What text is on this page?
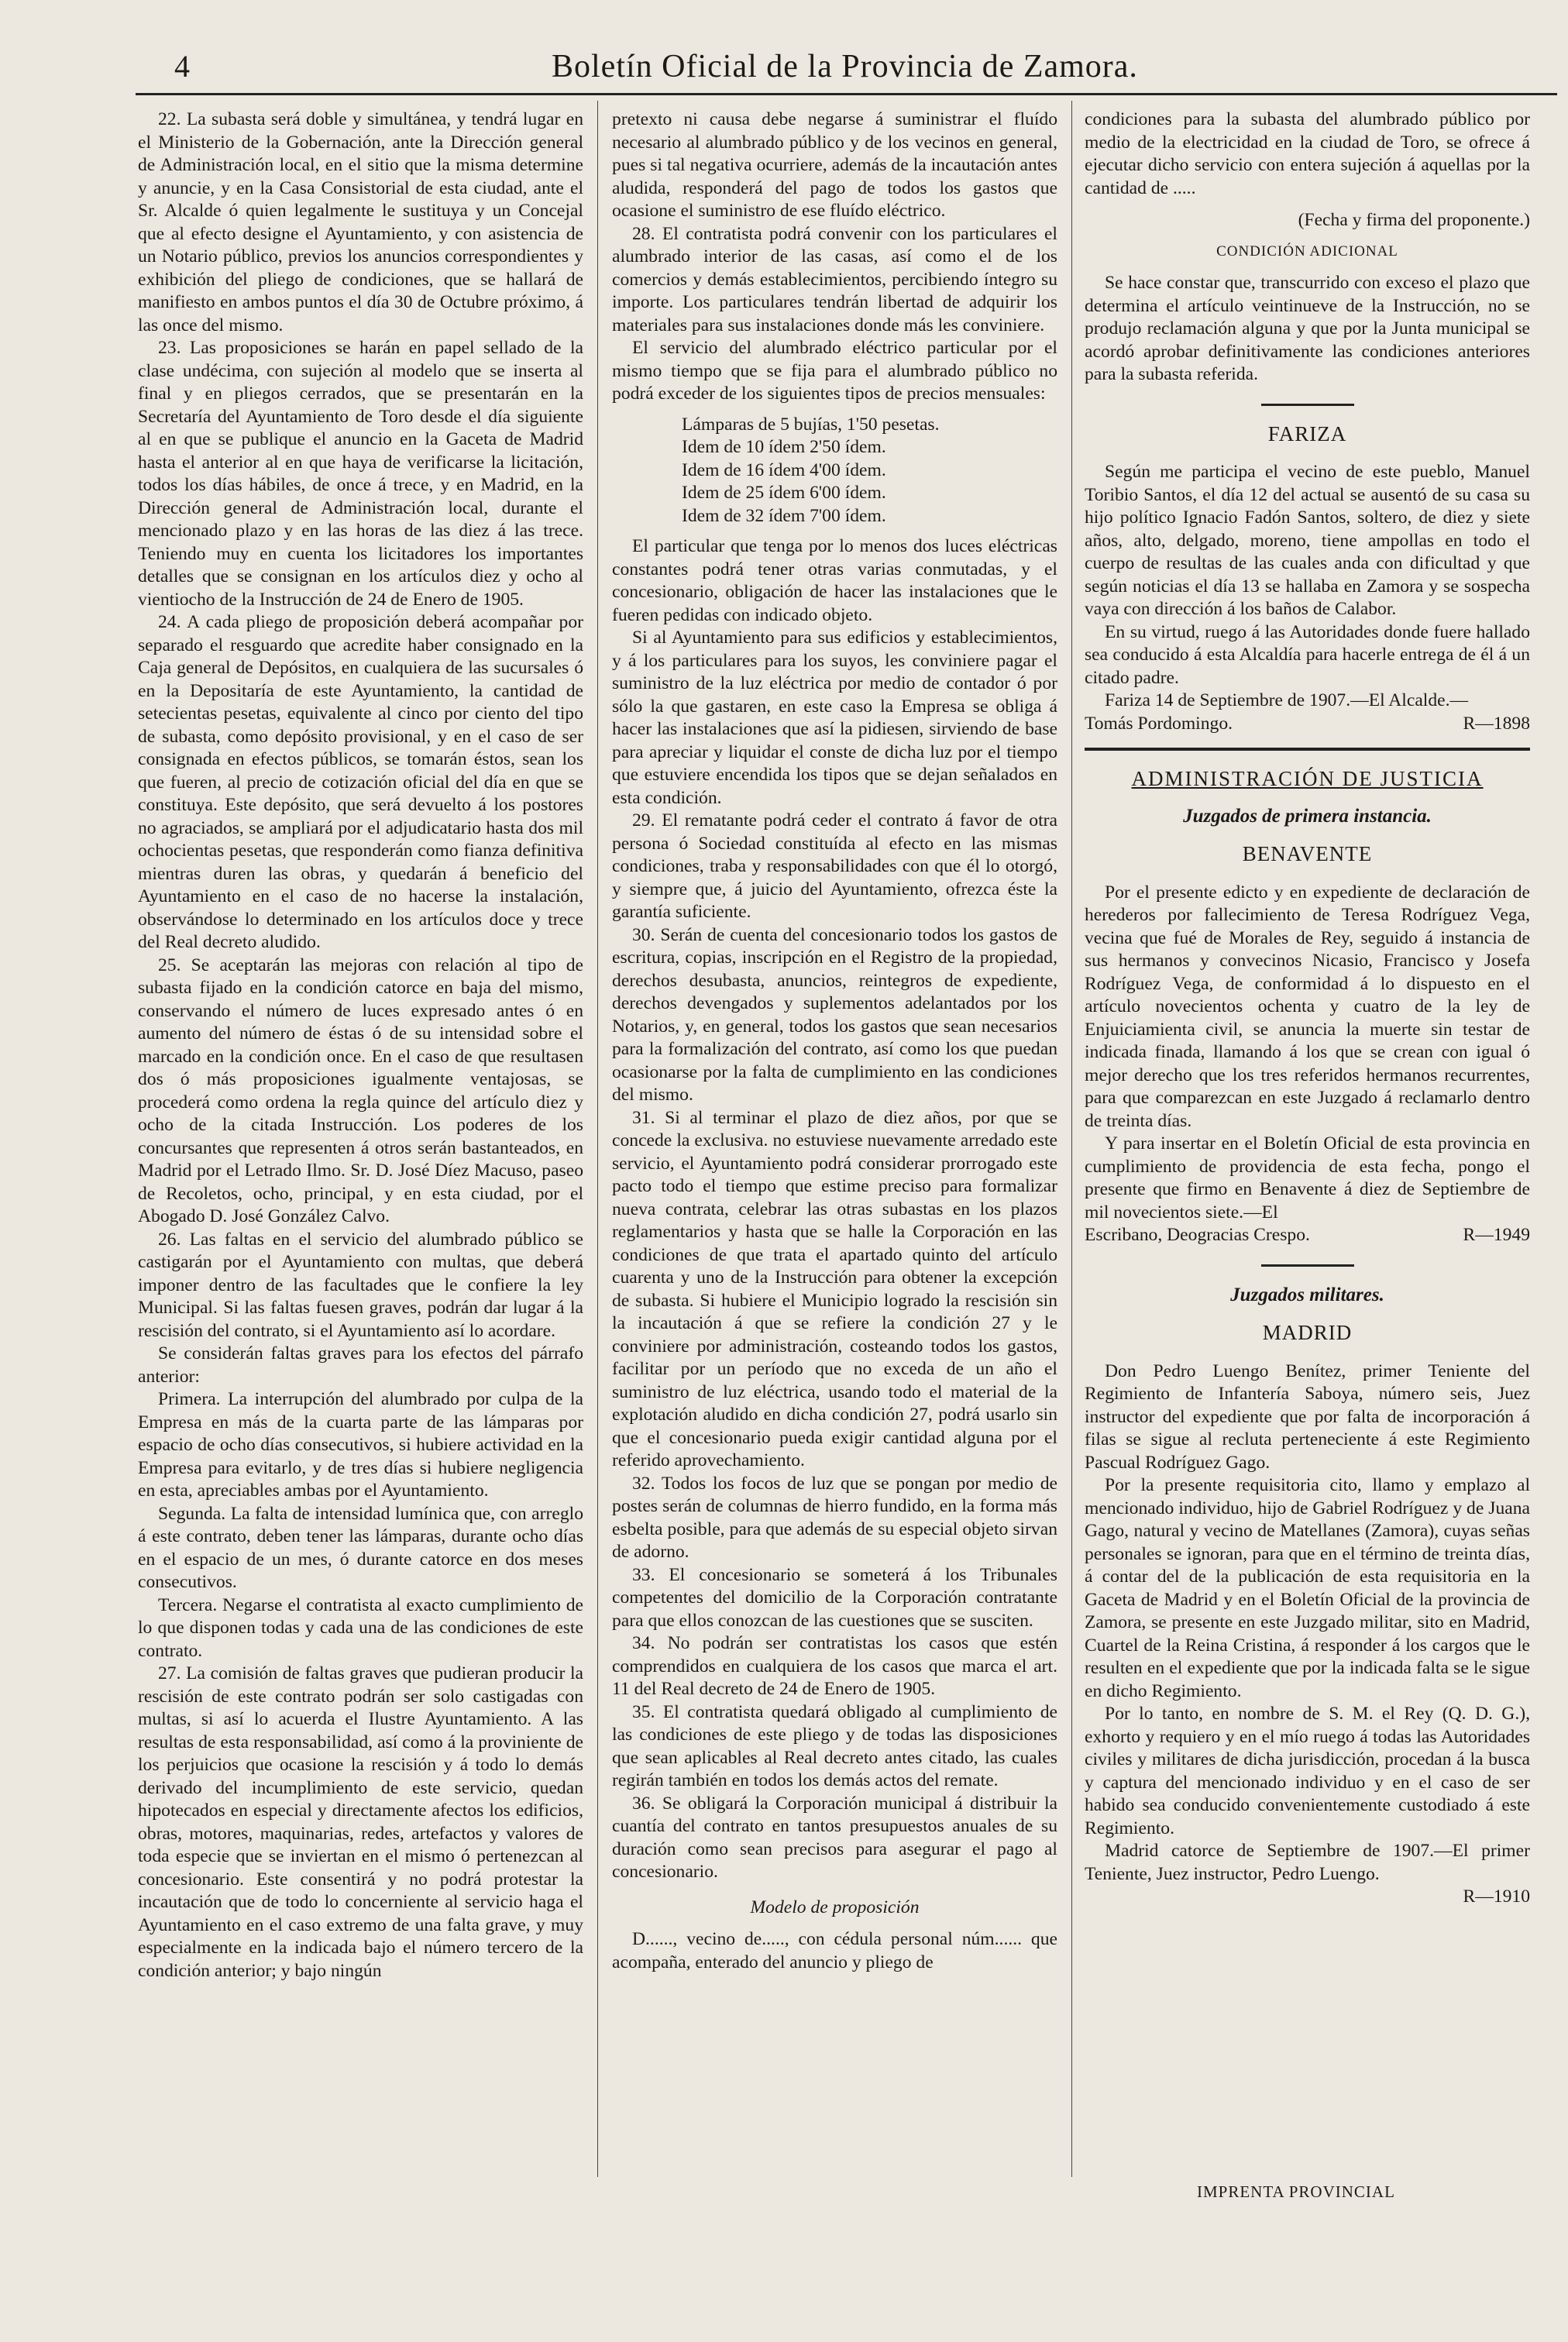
4	Boletín Oficial de la Provincia de Zamora.

22. La subasta será doble y simultánea, y tendrá lugar en el Ministerio de la Gobernación, ante la Dirección general de Administración local, en el sitio que la misma determine y anuncie, y en la Casa Consistorial de esta ciudad, ante el Sr. Alcalde ó quien legalmente le sustituya y un Concejal que al efecto designe el Ayuntamiento, y con asistencia de un Notario público, previos los anuncios correspondientes y exhibición del pliego de condiciones, que se hallará de manifiesto en ambos puntos el día 30 de Octubre próximo, á las once del mismo.

23. Las proposiciones se harán en papel sellado de la clase undécima, con sujeción al modelo que se inserta al final y en pliegos cerrados, que se presentarán en la Secretaría del Ayuntamiento de Toro desde el día siguiente al en que se publique el anuncio en la Gaceta de Madrid hasta el anterior al en que haya de verificarse la licitación, todos los días hábiles, de once á trece, y en Madrid, en la Dirección general de Administración local, durante el mencionado plazo y en las horas de las diez á las trece. Teniendo muy en cuenta los licitadores los importantes detalles que se consignan en los artículos diez y ocho al vientiocho de la Instrucción de 24 de Enero de 1905.

24. A cada pliego de proposición deberá acompañar por separado el resguardo que acredite haber consignado en la Caja general de Depósitos, en cualquiera de las sucursales ó en la Depositaría de este Ayuntamiento, la cantidad de setecientas pesetas, equivalente al cinco por ciento del tipo de subasta, como depósito provisional, y en el caso de ser consignada en efectos públicos, se tomarán éstos, sean los que fueren, al precio de cotización oficial del día en que se constituya. Este depósito, que será devuelto á los postores no agraciados, se ampliará por el adjudicatario hasta dos mil ochocientas pesetas, que responderán como fianza definitiva mientras duren las obras, y quedarán á beneficio del Ayuntamiento en el caso de no hacerse la instalación, observándose lo determinado en los artículos doce y trece del Real decreto aludido.

25. Se aceptarán las mejoras con relación al tipo de subasta fijado en la condición catorce en baja del mismo, conservando el número de luces expresado antes ó en aumento del número de éstas ó de su intensidad sobre el marcado en la condición once. En el caso de que resultasen dos ó más proposiciones igualmente ventajosas, se procederá como ordena la regla quince del artículo diez y ocho de la citada Instrucción. Los poderes de los concursantes que representen á otros serán bastanteados, en Madrid por el Letrado Ilmo. Sr. D. José Díez Macuso, paseo de Recoletos, ocho, principal, y en esta ciudad, por el Abogado D. José González Calvo.

26. Las faltas en el servicio del alumbrado público se castigarán por el Ayuntamiento con multas, que deberá imponer dentro de las facultades que le confiere la ley Municipal. Si las faltas fuesen graves, podrán dar lugar á la rescisión del contrato, si el Ayuntamiento así lo acordare.

Se considerán faltas graves para los efectos del párrafo anterior:

Primera. La interrupción del alumbrado por culpa de la Empresa en más de la cuarta parte de las lámparas por espacio de ocho días consecutivos, si hubiere actividad en la Empresa para evitarlo, y de tres días si hubiere negligencia en esta, apreciables ambas por el Ayuntamiento.

Segunda. La falta de intensidad lumínica que, con arreglo á este contrato, deben tener las lámparas, durante ocho días en el espacio de un mes, ó durante catorce en dos meses consecutivos.

Tercera. Negarse el contratista al exacto cumplimiento de lo que disponen todas y cada una de las condiciones de este contrato.

27. La comisión de faltas graves que pudieran producir la rescisión de este contrato podrán ser solo castigadas con multas, si así lo acuerda el Ilustre Ayuntamiento. A las resultas de esta responsabilidad, así como á la proviniente de los perjuicios que ocasione la rescisión y á todo lo demás derivado del incumplimiento de este servicio, quedan hipotecados en especial y directamente afectos los edificios, obras, motores, maquinarias, redes, artefactos y valores de toda especie que se inviertan en el mismo ó pertenezcan al concesionario. Este consentirá y no podrá protestar la incautación que de todo lo concerniente al servicio haga el Ayuntamiento en el caso extremo de una falta grave, y muy especialmente en la indicada bajo el número tercero de la condición anterior; y bajo ningún

pretexto ni causa debe negarse á suministrar el fluído necesario al alumbrado público y de los vecinos en general, pues si tal negativa ocurriere, además de la incautación antes aludida, responderá del pago de todos los gastos que ocasione el suministro de ese fluído eléctrico.

28. El contratista podrá convenir con los particulares el alumbrado interior de las casas, así como el de los comercios y demás establecimientos, percibiendo íntegro su importe. Los particulares tendrán libertad de adquirir los materiales para sus instalaciones donde más les conviniere.

El servicio del alumbrado eléctrico particular por el mismo tiempo que se fija para el alumbrado público no podrá exceder de los siguientes tipos de precios mensuales:

Lámparas de 5 bujías, 1'50 pesetas.
Idem de 10 ídem 2'50 ídem.
Idem de 16 ídem 4'00 ídem.
Idem de 25 ídem 6'00 ídem.
Idem de 32 ídem 7'00 ídem.

El particular que tenga por lo menos dos luces eléctricas constantes podrá tener otras varias conmutadas, y el concesionario, obligación de hacer las instalaciones que le fueren pedidas con indicado objeto.

Si al Ayuntamiento para sus edificios y establecimientos, y á los particulares para los suyos, les conviniere pagar el suministro de la luz eléctrica por medio de contador ó por sólo la que gastaren, en este caso la Empresa se obliga á hacer las instalaciones que así la pidiesen, sirviendo de base para apreciar y liquidar el conste de dicha luz por el tiempo que estuviere encendida los tipos que se dejan señalados en esta condición.

29. El rematante podrá ceder el contrato á favor de otra persona ó Sociedad constituída al efecto en las mismas condiciones, traba y responsabilidades con que él lo otorgó, y siempre que, á juicio del Ayuntamiento, ofrezca éste la garantía suficiente.

30. Serán de cuenta del concesionario todos los gastos de escritura, copias, inscripción en el Registro de la propiedad, derechos desubasta, anuncios, reintegros de expediente, derechos devengados y suplementos adelantados por los Notarios, y, en general, todos los gastos que sean necesarios para la formalización del contrato, así como los que puedan ocasionarse por la falta de cumplimiento en las condiciones del mismo.

31. Si al terminar el plazo de diez años, por que se concede la exclusiva. no estuviese nuevamente arredado este servicio, el Ayuntamiento podrá considerar prorrogado este pacto todo el tiempo que estime preciso para formalizar nueva contrata, celebrar las otras subastas en los plazos reglamentarios y hasta que se halle la Corporación en las condiciones de que trata el apartado quinto del artículo cuarenta y uno de la Instrucción para obtener la excepción de subasta. Si hubiere el Municipio logrado la rescisión sin la incautación á que se refiere la condición 27 y le conviniere por administración, costeando todos los gastos, facilitar por un período que no exceda de un año el suministro de luz eléctrica, usando todo el material de la explotación aludido en dicha condición 27, podrá usarlo sin que el concesionario pueda exigir cantidad alguna por el referido aprovechamiento.

32. Todos los focos de luz que se pongan por medio de postes serán de columnas de hierro fundido, en la forma más esbelta posible, para que además de su especial objeto sirvan de adorno.

33. El concesionario se someterá á los Tribunales competentes del domicilio de la Corporación contratante para que ellos conozcan de las cuestiones que se susciten.

34. No podrán ser contratistas los casos que estén comprendidos en cualquiera de los casos que marca el art. 11 del Real decreto de 24 de Enero de 1905.

35. El contratista quedará obligado al cumplimiento de las condiciones de este pliego y de todas las disposiciones que sean aplicables al Real decreto antes citado, las cuales regirán también en todos los demás actos del remate.

36. Se obligará la Corporación municipal á distribuir la cuantía del contrato en tantos presupuestos anuales de su duración como sean precisos para asegurar el pago al concesionario.

Modelo de proposición

D......, vecino de....., con cédula personal núm...... que acompaña, enterado del anuncio y pliego de

condiciones para la subasta del alumbrado público por medio de la electricidad en la ciudad de Toro, se ofrece á ejecutar dicho servicio con entera sujeción á aquellas por la cantidad de .....

(Fecha y firma del proponente.)

CONDICIÓN ADICIONAL

Se hace constar que, transcurrido con exceso el plazo que determina el artículo veintinueve de la Instrucción, no se produjo reclamación alguna y que por la Junta municipal se acordó aprobar definitivamente las condiciones anteriores para la subasta referida.

FARIZA

Según me participa el vecino de este pueblo, Manuel Toribio Santos, el día 12 del actual se ausentó de su casa su hijo político Ignacio Fadón Santos, soltero, de diez y siete años, alto, delgado, moreno, tiene ampollas en todo el cuerpo de resultas de las cuales anda con dificultad y que según noticias el día 13 se hallaba en Zamora y se sospecha vaya con dirección á los baños de Calabor.

En su virtud, ruego á las Autoridades donde fuere hallado sea conducido á esta Alcaldía para hacerle entrega de él á un citado padre.

Fariza 14 de Septiembre de 1907.—El Alcalde.—

Tomás Pordomingo.	R—1898

ADMINISTRACIÓN DE JUSTICIA

Juzgados de primera instancia.

BENAVENTE

Por el presente edicto y en expediente de declaración de herederos por fallecimiento de Teresa Rodríguez Vega, vecina que fué de Morales de Rey, seguido á instancia de sus hermanos y convecinos Nicasio, Francisco y Josefa Rodríguez Vega, de conformidad á lo dispuesto en el artículo novecientos ochenta y cuatro de la ley de Enjuiciamienta civil, se anuncia la muerte sin testar de indicada finada, llamando á los que se crean con igual ó mejor derecho que los tres referidos hermanos recurrentes, para que comparezcan en este Juzgado á reclamarlo dentro de treinta días.

Y para insertar en el Boletín Oficial de esta provincia en cumplimiento de providencia de esta fecha, pongo el presente que firmo en Benavente á diez de Septiembre de mil novecientos siete.—El

Escribano, Deogracias Crespo.	R—1949

Juzgados militares.

MADRID

Don Pedro Luengo Benítez, primer Teniente del Regimiento de Infantería Saboya, número seis, Juez instructor del expediente que por falta de incorporación á filas se sigue al recluta perteneciente á este Regimiento Pascual Rodríguez Gago.

Por la presente requisitoria cito, llamo y emplazo al mencionado individuo, hijo de Gabriel Rodríguez y de Juana Gago, natural y vecino de Matellanes (Zamora), cuyas señas personales se ignoran, para que en el término de treinta días, á contar del de la publicación de esta requisitoria en la Gaceta de Madrid y en el Boletín Oficial de la provincia de Zamora, se presente en este Juzgado militar, sito en Madrid, Cuartel de la Reina Cristina, á responder á los cargos que le resulten en el expediente que por la indicada falta se le sigue en dicho Regimiento.

Por lo tanto, en nombre de S. M. el Rey (Q. D. G.), exhorto y requiero y en el mío ruego á todas las Autoridades civiles y militares de dicha jurisdicción, procedan á la busca y captura del mencionado individuo y en el caso de ser habido sea conducido convenientemente custodiado á este Regimiento.

Madrid catorce de Septiembre de 1907.—El primer Teniente, Juez instructor, Pedro Luengo.

R—1910

IMPRENTA PROVINCIAL
